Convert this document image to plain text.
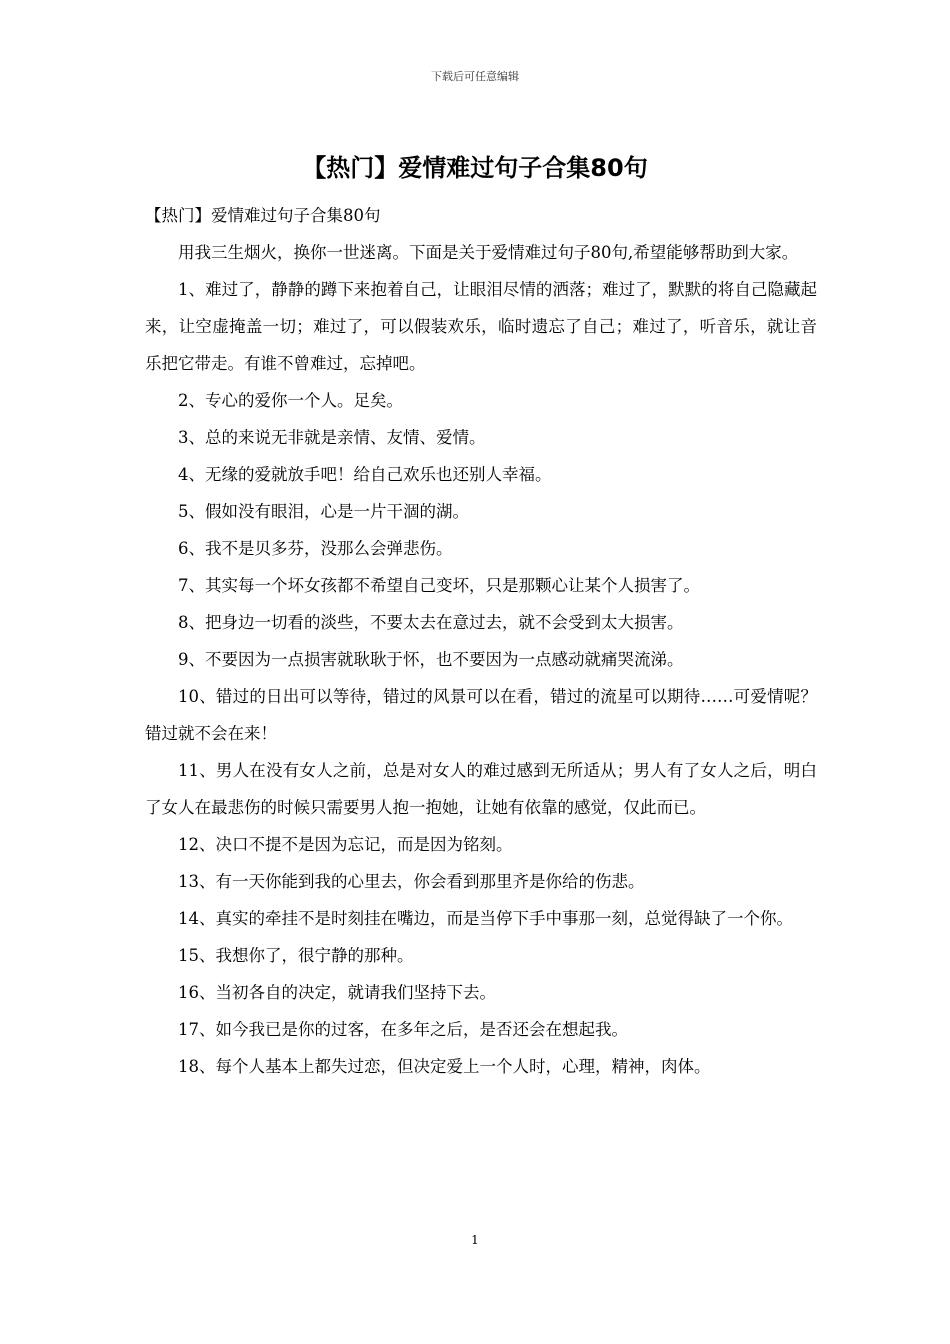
下载后可任意编辑
【热门】爱情难过句子合集80句

【热门】爱情难过句子合集80句

用我三生烟火，换你一世迷离。下面是关于爱情难过句子80句,希望能够帮助到大家。

1、难过了，静静的蹲下来抱着自己，让眼泪尽情的洒落；难过了，默默的将自己隐藏起来，让空虚掩盖一切；难过了，可以假装欢乐，临时遗忘了自己；难过了，听音乐，就让音乐把它带走。有谁不曾难过，忘掉吧。

2、专心的爱你一个人。足矣。

3、总的来说无非就是亲情、友情、爱情。

4、无缘的爱就放手吧！给自己欢乐也还别人幸福。

5、假如没有眼泪，心是一片干涸的湖。

6、我不是贝多芬，没那么会弹悲伤。

7、其实每一个坏女孩都不希望自己变坏，只是那颗心让某个人损害了。

8、把身边一切看的淡些，不要太去在意过去，就不会受到太大损害。

9、不要因为一点损害就耿耿于怀，也不要因为一点感动就痛哭流涕。

10、错过的日出可以等待，错过的风景可以在看，错过的流星可以期待……可爱情呢？错过就不会在来！

11、男人在没有女人之前，总是对女人的难过感到无所适从；男人有了女人之后，明白了女人在最悲伤的时候只需要男人抱一抱她，让她有依靠的感觉，仅此而已。

12、决口不提不是因为忘记，而是因为铭刻。

13、有一天你能到我的心里去，你会看到那里齐是你给的伤悲。

14、真实的牵挂不是时刻挂在嘴边，而是当停下手中事那一刻，总觉得缺了一个你。

15、我想你了，很宁静的那种。

16、当初各自的决定，就请我们坚持下去。

17、如今我已是你的过客，在多年之后，是否还会在想起我。

18、每个人基本上都失过恋，但决定爱上一个人时，心理，精神，肉体。

1
